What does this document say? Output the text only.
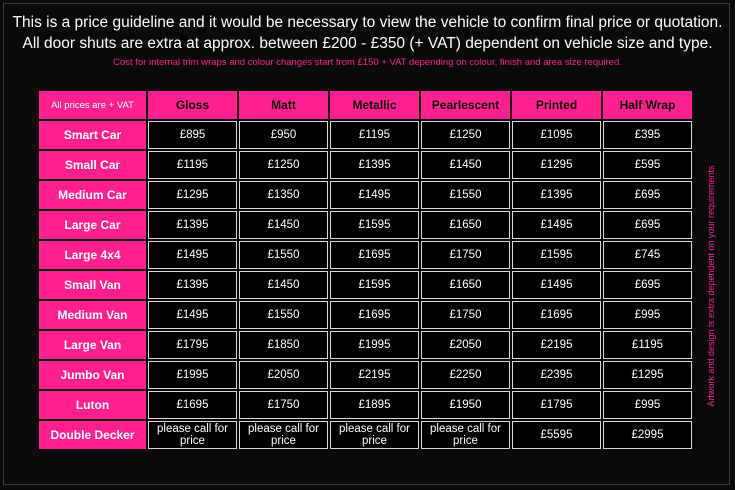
This is a price guideline and it would be necessary to view the vehicle to confirm final price or quotation.
All door shuts are extra at approx. between £200 - £350 (+ VAT) dependent on vehicle size and type.
Cost for internal trim wraps and colour changes start from £150 + VAT depending on colour, finish and area size required.
All prices are + VAT	Gloss	Matt	Metallic	Pearlescent	Printed	Half Wrap
Smart Car	£895	£950	£1195	£1250	£1095	£395
Small Car	£1195	£1250	£1395	£1450	£1295	£595
Medium Car	£1295	£1350	£1495	£1550	£1395	£695
Large Car	£1395	£1450	£1595	£1650	£1495	£695
Large 4x4	£1495	£1550	£1695	£1750	£1595	£745
Small Van	£1395	£1450	£1595	£1650	£1495	£695
Medium Van	£1495	£1550	£1695	£1750	£1695	£995
Large Van	£1795	£1850	£1995	£2050	£2195	£1195
Jumbo Van	£1995	£2050	£2195	£2250	£2395	£1295
Luton	£1695	£1750	£1895	£1950	£1795	£995
Double Decker	please call for price	please call for price	please call for price	please call for price	£5595	£2995
Artwork and design is extra dependent on your requirements
